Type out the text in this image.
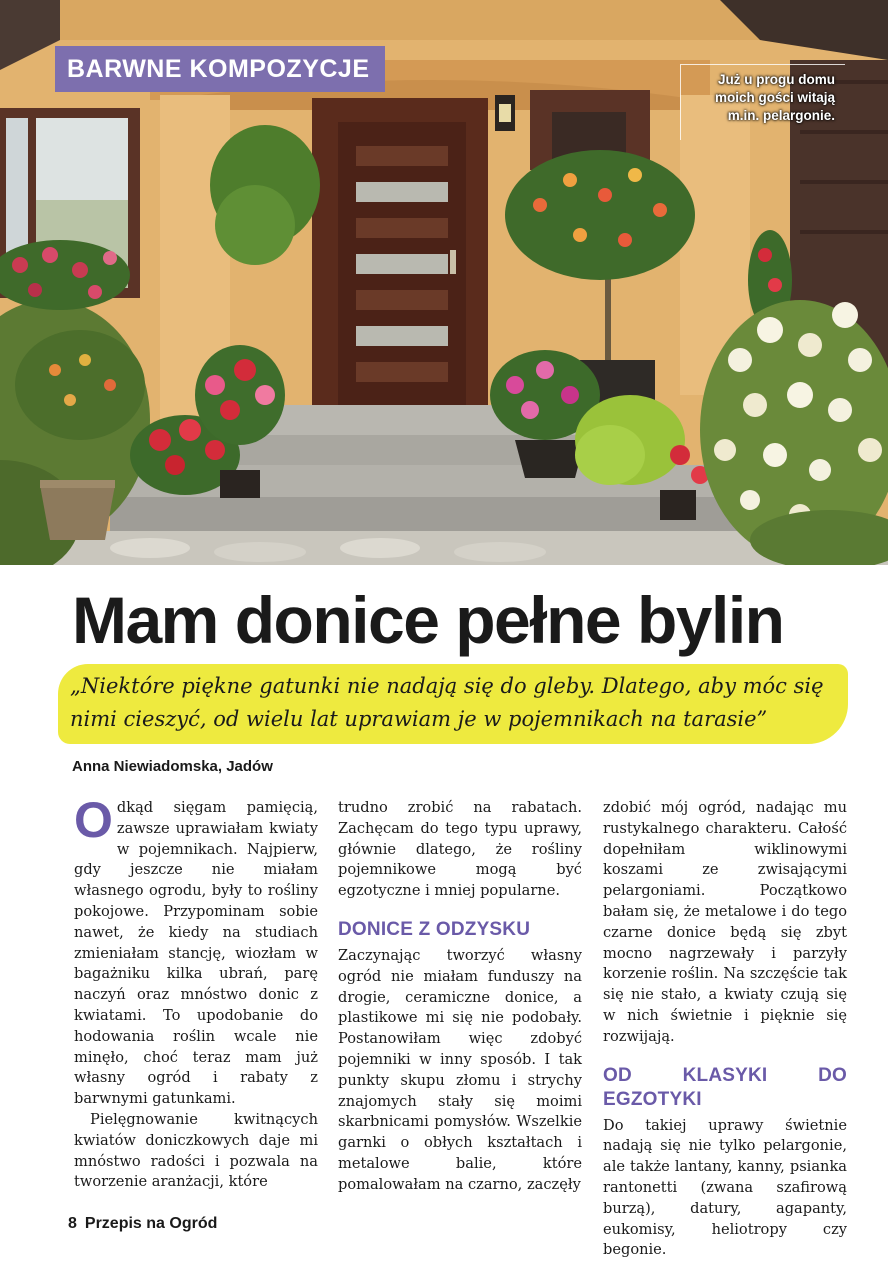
BARWNE KOMPOZYCJE	Już u progu domu
moich gości witają
m.in. pelargonie.
Mam donice pełne bylin

„Niektóre piękne gatunki nie nadają się do gleby. Dlatego, aby móc się nimi cieszyć, od wielu lat uprawiam je w pojemnikach na tarasie”

Anna Niewiadomska, Jadów

Odkąd sięgam pamięcią, zawsze uprawiałam kwiaty w pojemnikach. Najpierw, gdy jeszcze nie miałam własnego ogrodu, były to rośliny pokojowe. Przypominam sobie nawet, że kiedy na studiach zmieniałam stancję, wiozłam w bagażniku kilka ubrań, parę naczyń oraz mnóstwo donic z kwiatami. To upodobanie do hodowania roślin wcale nie minęło, choć teraz mam już własny ogród i rabaty z barwnymi gatunkami.

Pielęgnowanie kwitnących kwiatów doniczkowych daje mi mnóstwo radości i pozwala na tworzenie aranżacji, które

trudno zrobić na rabatach. Zachęcam do tego typu uprawy, głównie dlatego, że rośliny pojemnikowe mogą być egzotyczne i mniej popularne.

DONICE Z ODZYSKU

Zaczynając tworzyć własny ogród nie miałam funduszy na drogie, ceramiczne donice, a plastikowe mi się nie podobały. Postanowiłam więc zdobyć pojemniki w inny sposób. I tak punkty skupu złomu i strychy znajomych stały się moimi skarbnicami pomysłów. Wszelkie garnki o obłych kształtach i metalowe balie, które pomalowałam na czarno, zaczęły

zdobić mój ogród, nadając mu rustykalnego charakteru. Całość dopełniłam wiklinowymi koszami ze zwisającymi pelargoniami. Początkowo bałam się, że metalowe i do tego czarne donice będą się zbyt mocno nagrzewały i parzyły korzenie roślin. Na szczęście tak się nie stało, a kwiaty czują się w nich świetnie i pięknie się rozwijają.

OD KLASYKI DO EGZOTYKI

Do takiej uprawy świetnie nadają się nie tylko pelargonie, ale także lantany, kanny, psianka rantonetti (zwana szafirową burzą), datury, agapanty, eukomisy, heliotropy czy begonie.

8 Przepis na Ogród
